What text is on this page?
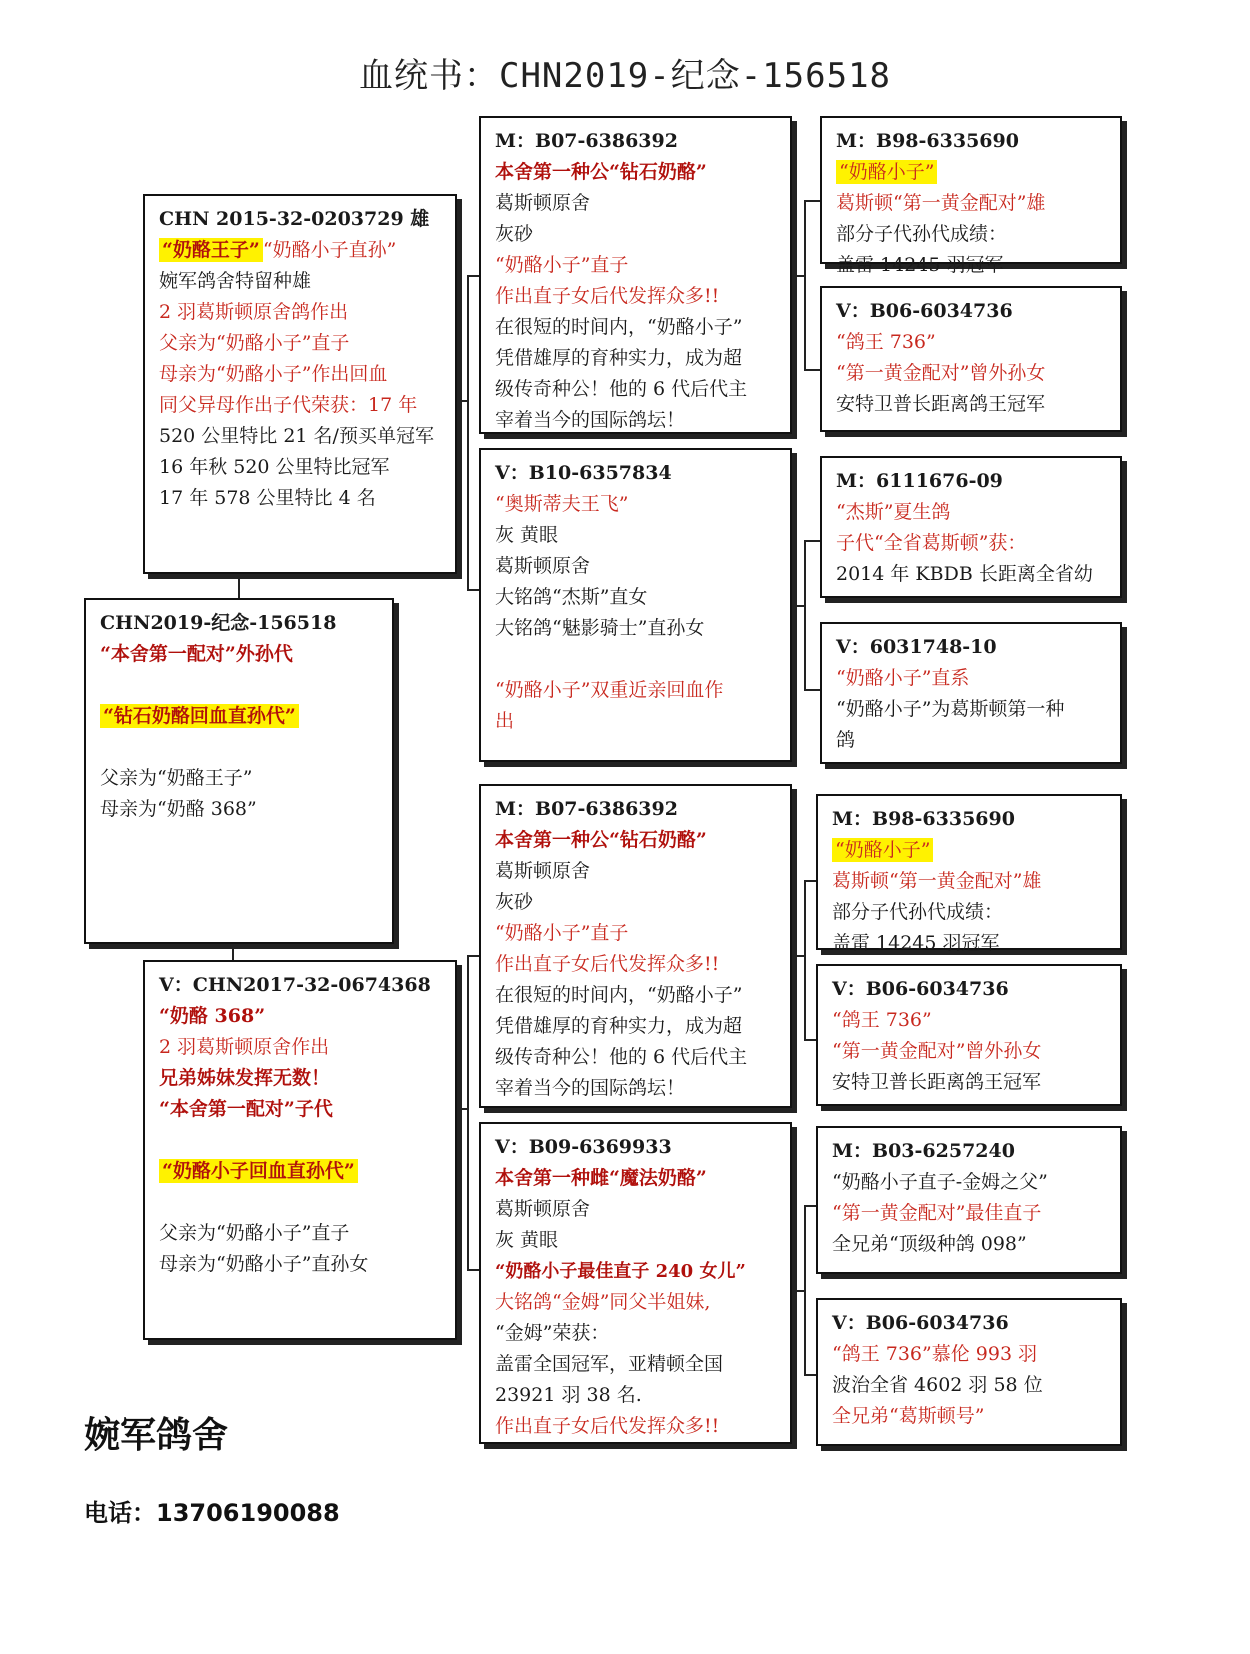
血统书：CHN2019-纪念-156518
CHN2019-纪念-156518
“本舍第一配对”外孙代
“钻石奶酪回血直孙代”
父亲为“奶酪王子”
母亲为“奶酪 368”
CHN 2015-32-0203729 雄
“奶酪王子” “奶酪小子直孙”
婉军鸽舍特留种雄
2 羽葛斯顿原舍鸽作出
父亲为“奶酪小子”直子
母亲为“奶酪小子”作出回血
同父异母作出子代荣获：17 年
520 公里特比 21 名/预买单冠军
16 年秋 520 公里特比冠军
17 年 578 公里特比 4 名
V：CHN2017-32-0674368
“奶酪 368”
2 羽葛斯顿原舍作出
兄弟姊妹发挥无数！
“本舍第一配对”子代
“奶酪小子回血直孙代”
父亲为“奶酪小子”直子
母亲为“奶酪小子”直孙女
M：B07-6386392
本舍第一种公“钻石奶酪”
葛斯顿原舍
灰砂
“奶酪小子”直子
作出直子女后代发挥众多!!
在很短的时间内，“奶酪小子”
凭借雄厚的育种实力，成为超
级传奇种公！他的 6 代后代主
宰着当今的国际鸽坛！
V：B10-6357834
“奥斯蒂夫王飞”
灰 黄眼
葛斯顿原舍
大铭鸽“杰斯”直女
大铭鸽“魅影骑士”直孙女
“奶酪小子”双重近亲回血作
出
M：B07-6386392
本舍第一种公“钻石奶酪”
葛斯顿原舍
灰砂
“奶酪小子”直子
作出直子女后代发挥众多!!
在很短的时间内，“奶酪小子”
凭借雄厚的育种实力，成为超
级传奇种公！他的 6 代后代主
宰着当今的国际鸽坛！
V：B09-6369933
本舍第一种雌“魔法奶酪”
葛斯顿原舍
灰 黄眼
“奶酪小子最佳直子 240 女儿”
大铭鸽“金姆”同父半姐妹,
“金姆”荣获：
盖雷全国冠军，亚精顿全国
23921 羽 38 名.
作出直子女后代发挥众多!!
M：B98-6335690
“奶酪小子”
葛斯顿“第一黄金配对”雄
部分子代孙代成绩：
盖雷 14245 羽冠军
V：B06-6034736
“鸽王 736”
“第一黄金配对”曾外孙女
安特卫普长距离鸽王冠军
M：6111676-09
“杰斯”夏生鸽
子代“全省葛斯顿”获：
2014 年 KBDB 长距离全省幼
V：6031748-10
“奶酪小子”直系
“奶酪小子”为葛斯顿第一种
鸽
M：B98-6335690
“奶酪小子”
葛斯顿“第一黄金配对”雄
部分子代孙代成绩：
盖雷 14245 羽冠军
V：B06-6034736
“鸽王 736”
“第一黄金配对”曾外孙女
安特卫普长距离鸽王冠军
M：B03-6257240
“奶酪小子直子-金姆之父”
“第一黄金配对”最佳直子
全兄弟“顶级种鸽 098”
V：B06-6034736
“鸽王 736”慕伦 993 羽
波治全省 4602 羽 58 位
全兄弟“葛斯顿号”
婉军鸽舍
电话：13706190088
